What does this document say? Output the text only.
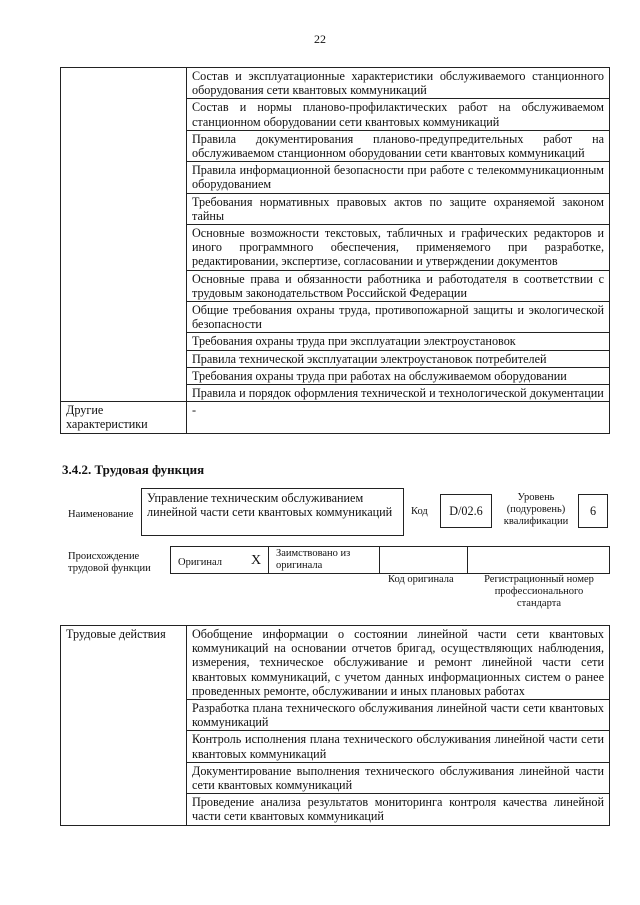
22
	Состав и эксплуатационные характеристики обслуживаемого станционного оборудования сети квантовых коммуникаций
	Состав и нормы планово-профилактических работ на обслуживаемом станционном оборудовании сети квантовых коммуникаций
	Правила документирования планово-предупредительных работ на обслуживаемом станционном оборудовании сети квантовых коммуникаций
	Правила информационной безопасности при работе с телекоммуникационным оборудованием
	Требования нормативных правовых актов по защите охраняемой законом тайны
	Основные возможности текстовых, табличных и графических редакторов и иного программного обеспечения, применяемого при разработке, редактировании, экспертизе, согласовании и утверждении документов
	Основные права и обязанности работника и работодателя в соответствии с трудовым законодательством Российской Федерации
	Общие требования охраны труда, противопожарной защиты и экологической безопасности
	Требования охраны труда при эксплуатации электроустановок
	Правила технической эксплуатации электроустановок потребителей
	Требования охраны труда при работах на обслуживаемом оборудовании
	Правила и порядок оформления технической и технологической документации
Другие характеристики	-
3.4.2. Трудовая функция
Наименование
Управление техническим обслуживанием линейной части сети квантовых коммуникаций	Код	D/02.6
Уровень (подуровень) квалификации
6
Происхождение трудовой функции
Оригинал X Заимствовано из оригинала
Код оригинала	Регистрационный номер профессионального стандарта
Трудовые действия	Обобщение информации о состоянии линейной части сети квантовых коммуникаций на основании отчетов бригад, осуществляющих наблюдения, измерения, техническое обслуживание и ремонт линейной части сети квантовых коммуникаций, с учетом данных информационных систем о ранее проведенных ремонте, обслуживании и иных плановых работах
Разработка плана технического обслуживания линейной части сети квантовых коммуникаций
Контроль исполнения плана технического обслуживания линейной части сети квантовых коммуникаций
Документирование выполнения технического обслуживания линейной части сети квантовых коммуникаций
Проведение анализа результатов мониторинга контроля качества линейной части сети квантовых коммуникаций
